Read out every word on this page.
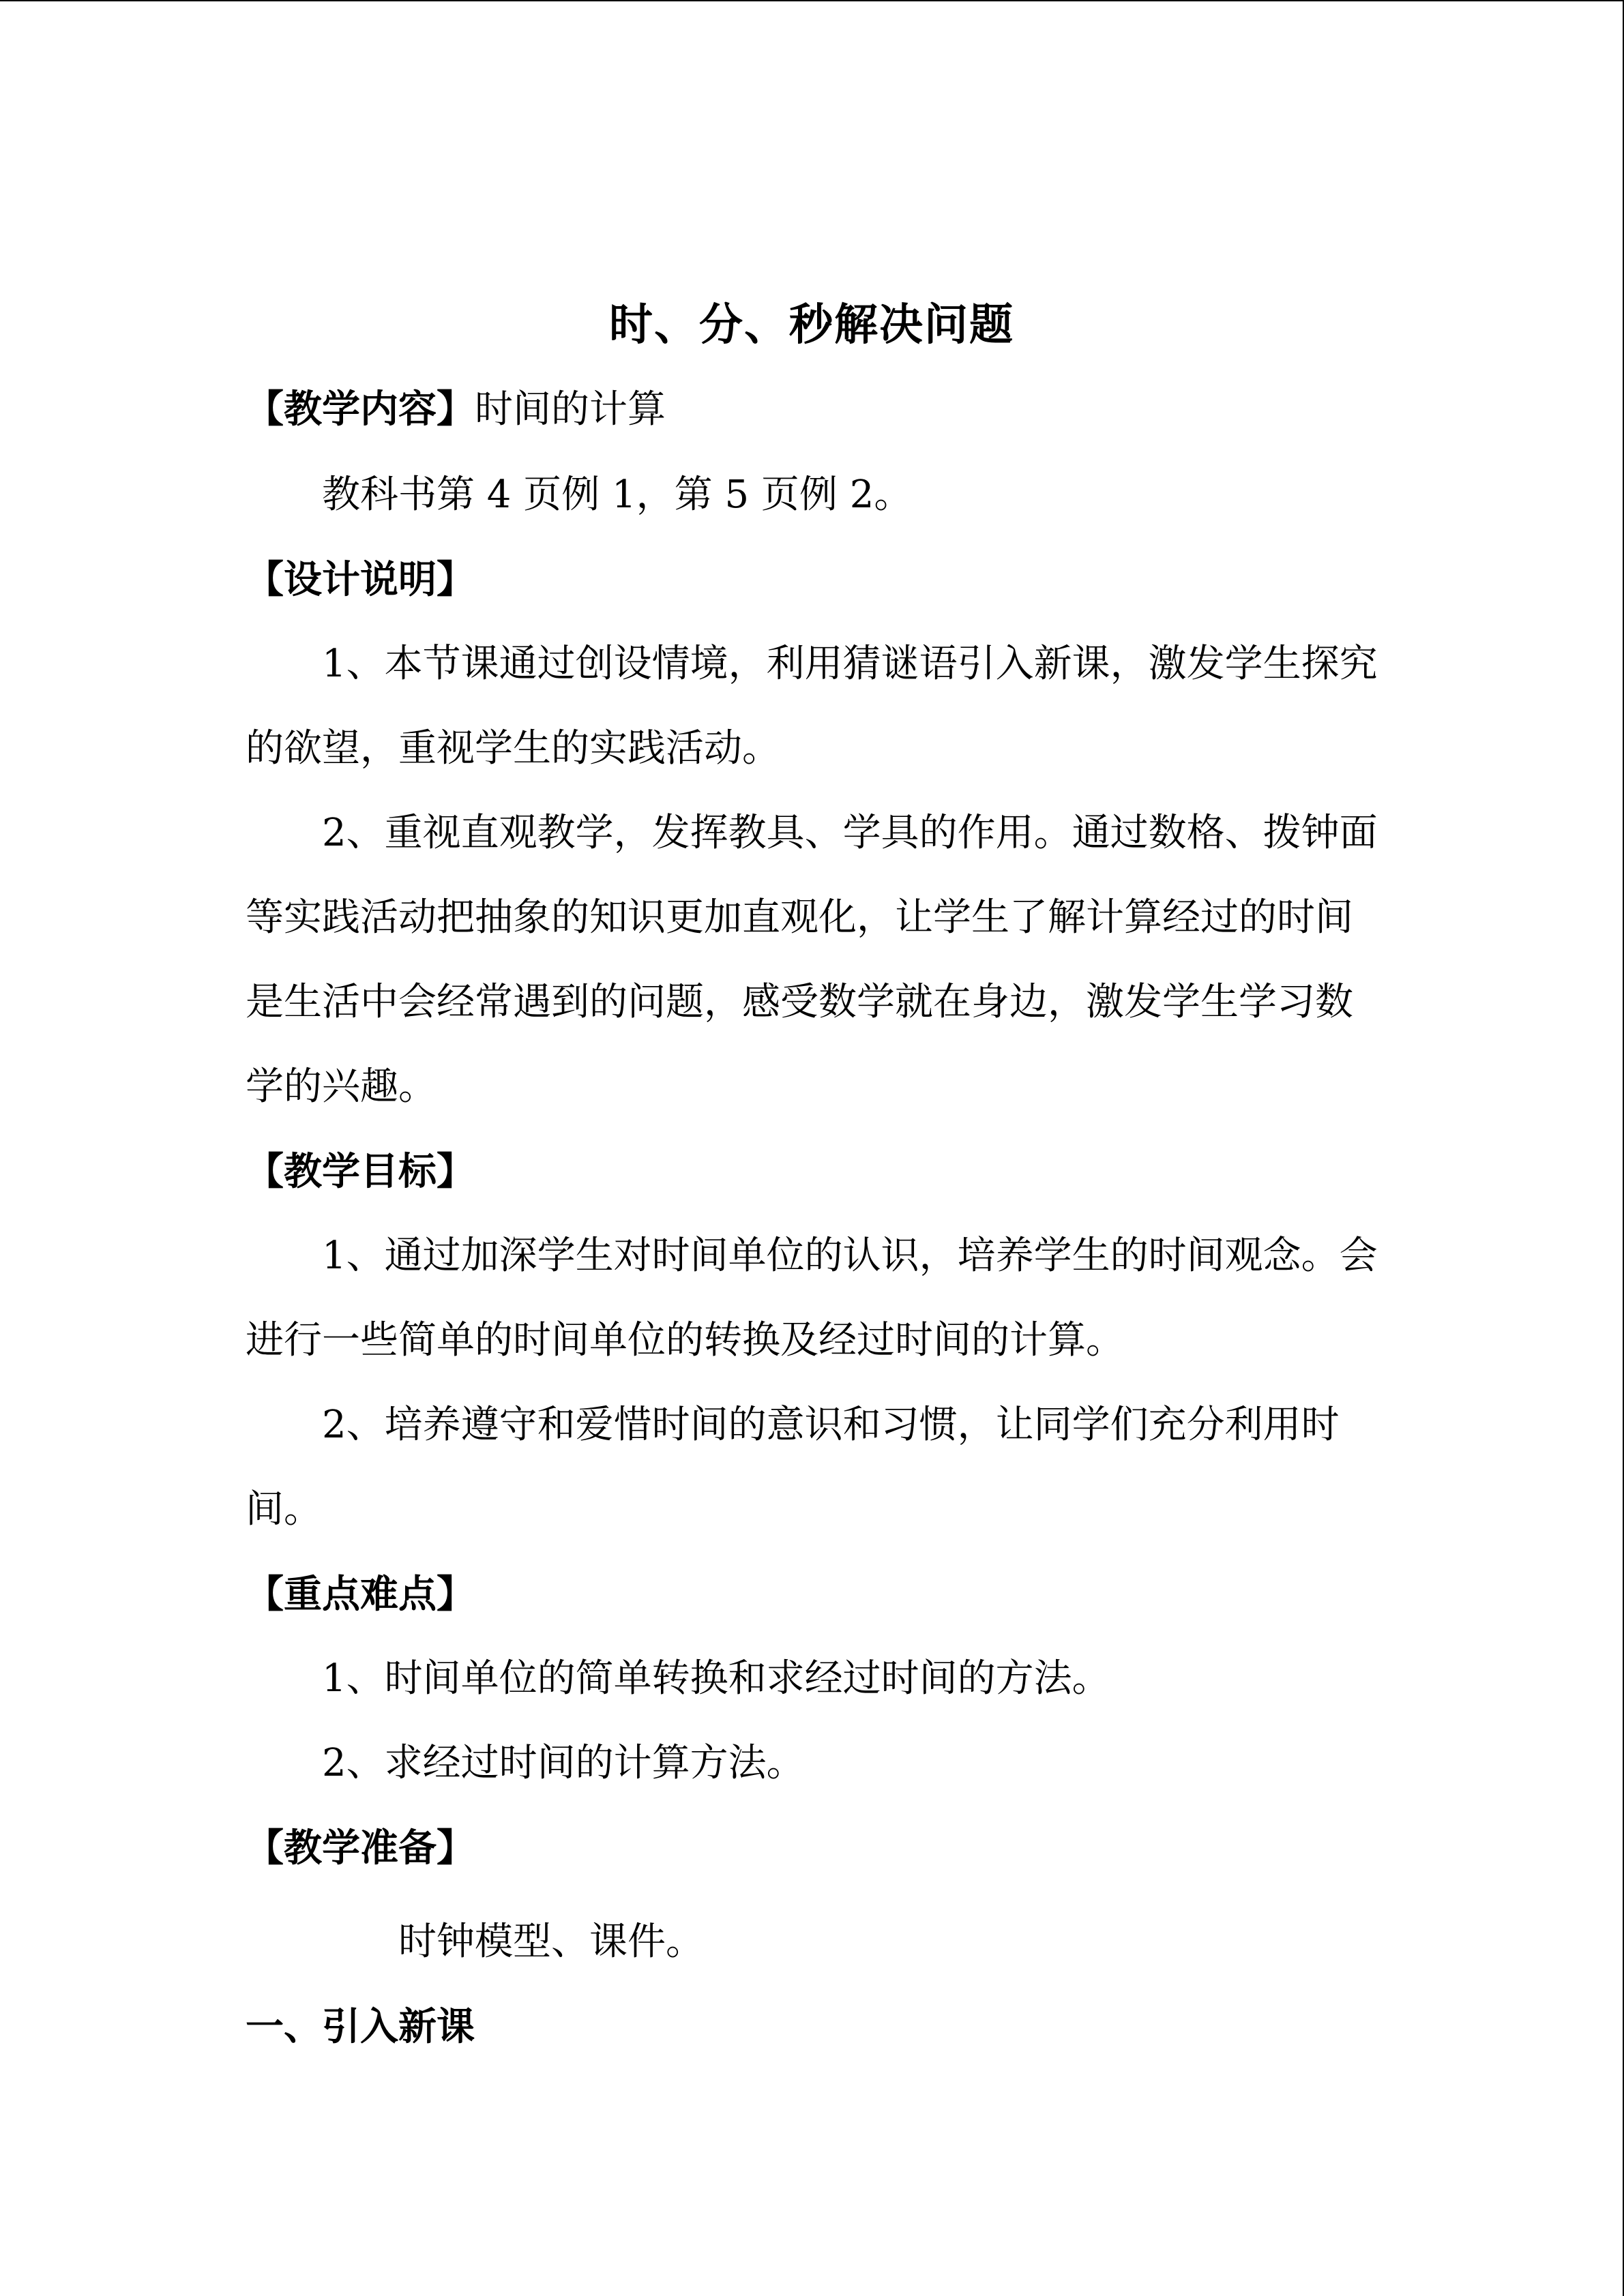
时、分、秒解决问题
【教学内容】时间的计算
教科书第 4 页例 1，第 5 页例 2。
【设计说明】
1、本节课通过创设情境，利用猜谜语引入新课，激发学生探究
的欲望，重视学生的实践活动。
2、重视直观教学，发挥教具、学具的作用。通过数格、拨钟面
等实践活动把抽象的知识更加直观化，让学生了解计算经过的时间
是生活中会经常遇到的问题，感受数学就在身边，激发学生学习数
学的兴趣。
【教学目标】
1、通过加深学生对时间单位的认识，培养学生的时间观念。会
进行一些简单的时间单位的转换及经过时间的计算。
2、培养遵守和爱惜时间的意识和习惯，让同学们充分利用时
间。
【重点难点】
1、时间单位的简单转换和求经过时间的方法。
2、求经过时间的计算方法。
【教学准备】
时钟模型、课件。
一、引入新课
